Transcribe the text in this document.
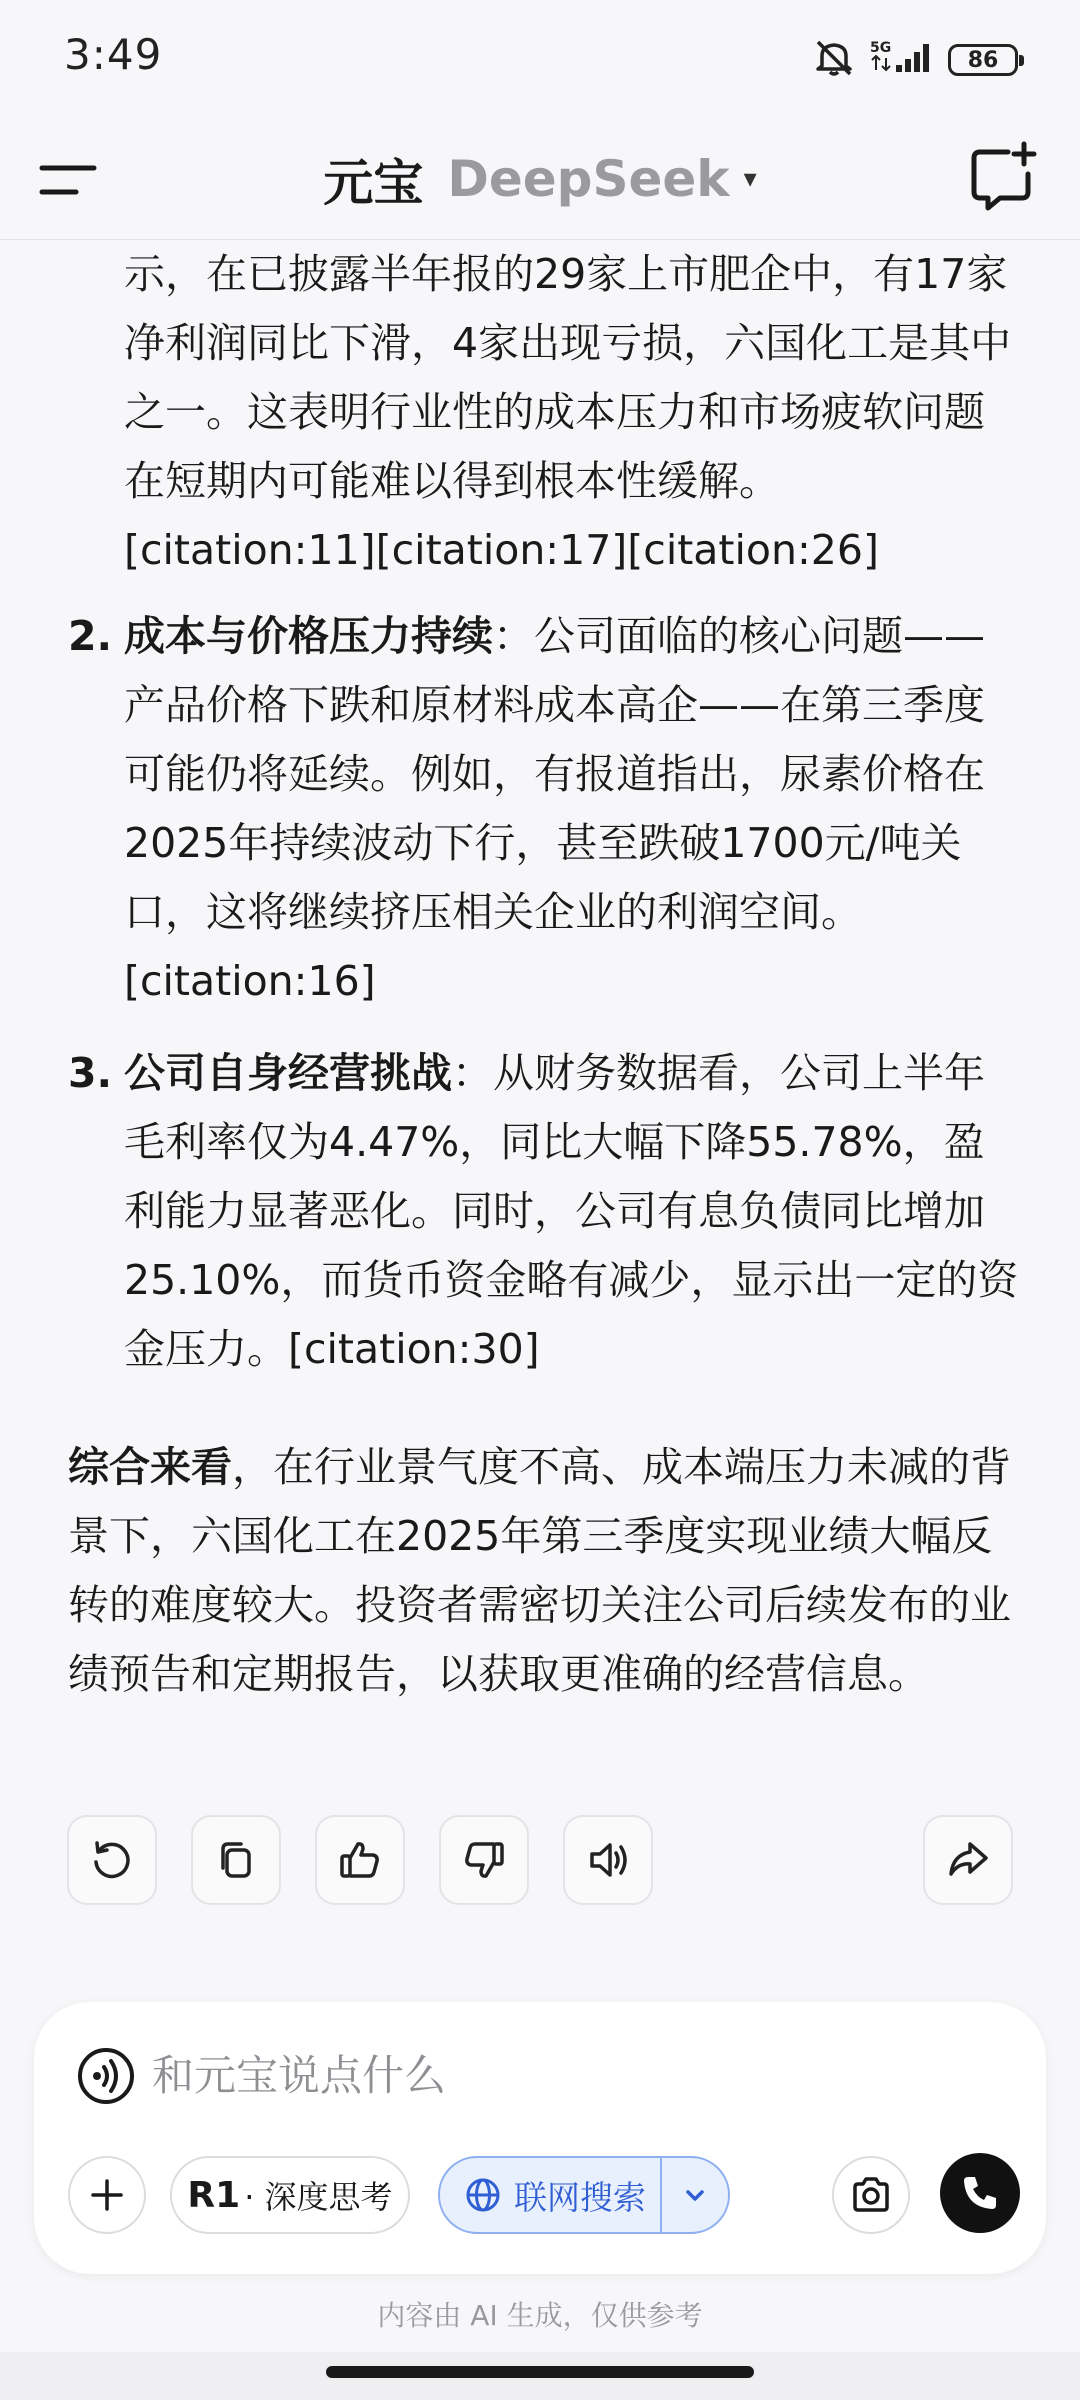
3:49	5G	86
元宝 DeepSeek ▾
示，在已披露半年报的29家上市肥企中，有17家净利润同比下滑，4家出现亏损，六国化工是其中之一。这表明行业性的成本压力和市场疲软问题在短期内可能难以得到根本性缓解。[citation:11][citation:17][citation:26]
2. 成本与价格压力持续：公司面临的核心问题——产品价格下跌和原材料成本高企——在第三季度可能仍将延续。例如，有报道指出，尿素价格在2025年持续波动下行，甚至跌破1700元/吨关口，这将继续挤压相关企业的利润空间。[citation:16]
3. 公司自身经营挑战：从财务数据看，公司上半年毛利率仅为4.47%，同比大幅下降55.78%，盈利能力显著恶化。同时，公司有息负债同比增加25.10%，而货币资金略有减少，显示出一定的资金压力。[citation:30]
综合来看，在行业景气度不高、成本端压力未减的背景下，六国化工在2025年第三季度实现业绩大幅反转的难度较大。投资者需密切关注公司后续发布的业绩预告和定期报告，以获取更准确的经营信息。
和元宝说点什么
R1 · 深度思考	联网搜索
内容由 AI 生成，仅供参考
